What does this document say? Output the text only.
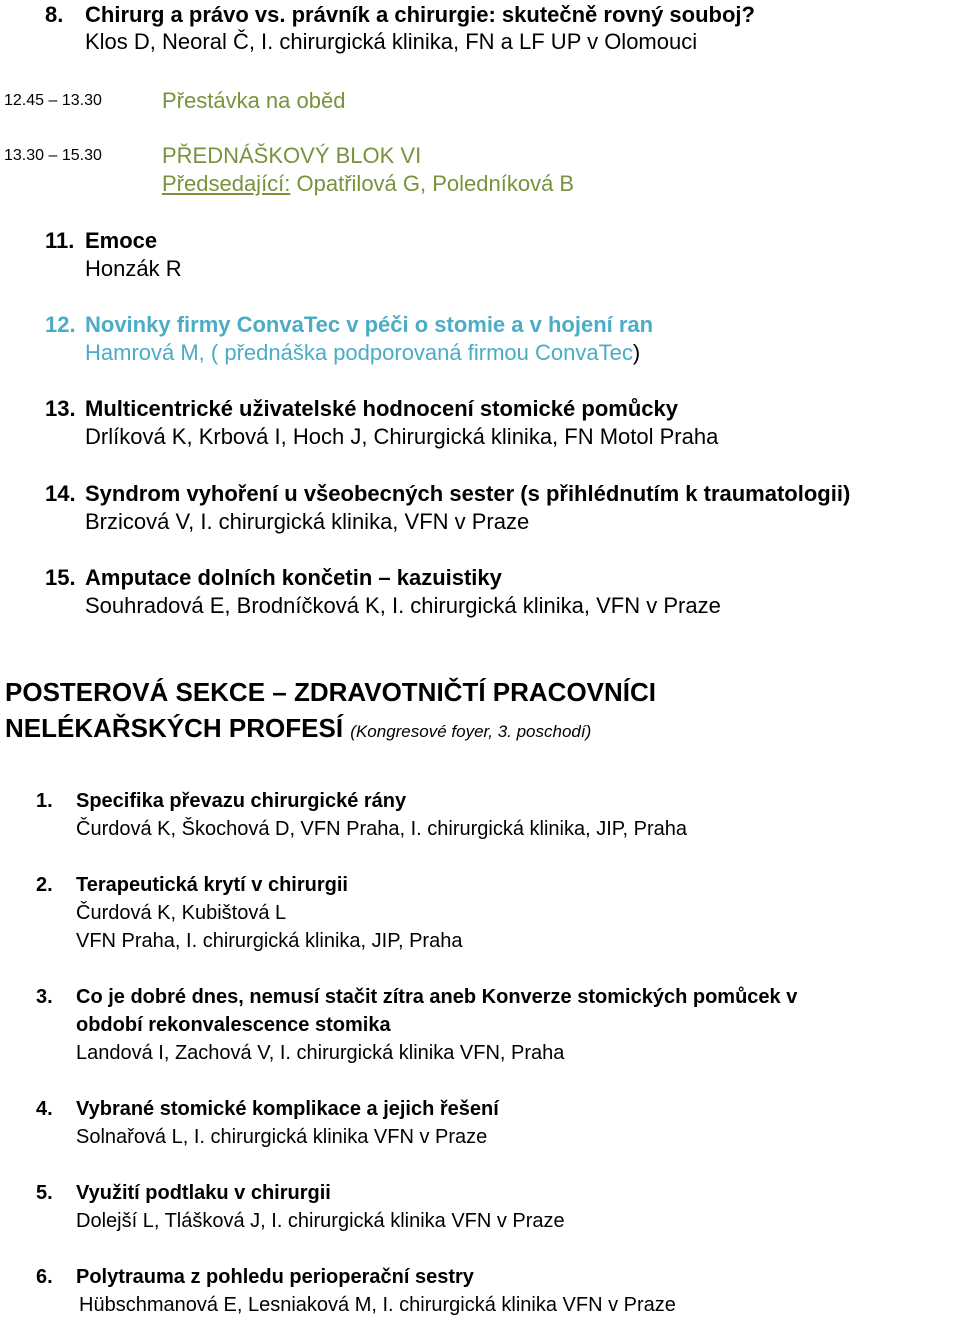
8. Chirurg a právo vs. právník a chirurgie: skutečně rovný souboj?
Klos D, Neoral Č, I. chirurgická klinika, FN a LF UP v Olomouci
12.45 – 13.30	Přestávka na oběd
13.30 – 15.30	PŘEDNÁŠKOVÝ BLOK VI
Předsedající: Opatřilová G, Poledníková B
11. Emoce
Honzák R
12. Novinky firmy ConvaTec v péči o stomie a v hojení ran
Hamrová M, ( přednáška podporovaná firmou ConvaTec)
13. Multicentrické uživatelské hodnocení stomické pomůcky
Drlíková K, Krbová I, Hoch J, Chirurgická klinika, FN Motol Praha
14. Syndrom vyhoření u všeobecných sester (s přihlédnutím k traumatologii)
Brzicová V, I. chirurgická klinika, VFN v Praze
15. Amputace dolních končetin – kazuistiky
Souhradová E, Brodníčková K, I. chirurgická klinika, VFN v Praze
POSTEROVÁ SEKCE – ZDRAVOTNIČTÍ PRACOVNÍCI
NELÉKAŘSKÝCH PROFESÍ (Kongresové foyer, 3. poschodí)
1. Specifika převazu chirurgické rány
Čurdová K, Škochová D, VFN Praha, I. chirurgická klinika, JIP, Praha
2. Terapeutická krytí v chirurgii
Čurdová K, Kubištová L
VFN Praha, I. chirurgická klinika, JIP, Praha
3. Co je dobré dnes, nemusí stačit zítra aneb Konverze stomických pomůcek v
období rekonvalescence stomika
Landová I, Zachová V, I. chirurgická klinika VFN, Praha
4. Vybrané stomické komplikace a jejich řešení
Solnařová L, I. chirurgická klinika VFN v Praze
5. Využití podtlaku v chirurgii
Dolejší L, Tlášková J, I. chirurgická klinika VFN v Praze
6. Polytrauma z pohledu perioperační sestry
Hübschmanová E, Lesniaková M, I. chirurgická klinika VFN v Praze
